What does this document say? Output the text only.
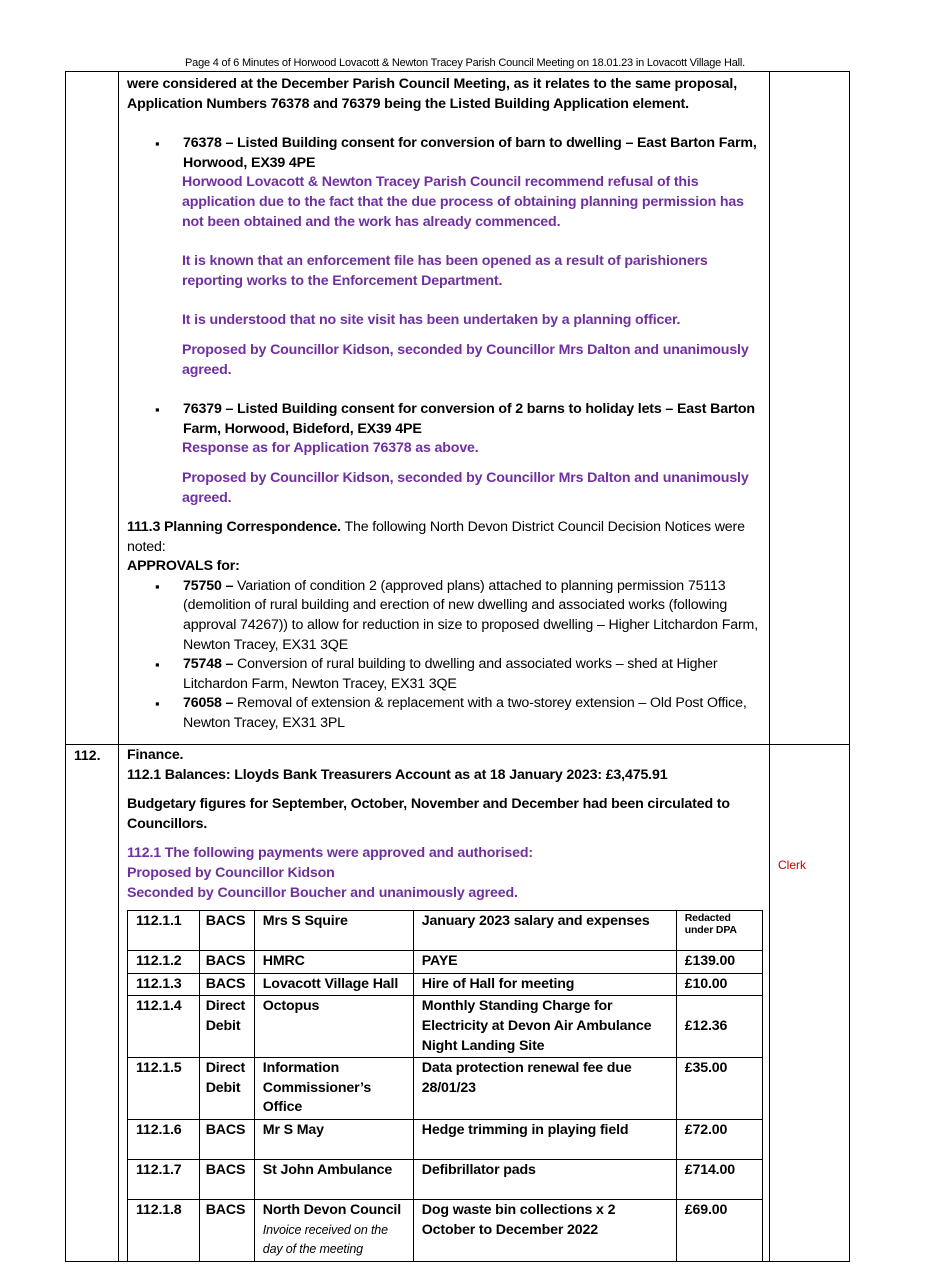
Page 4 of 6 Minutes of Horwood Lovacott & Newton Tracey Parish Council Meeting on 18.01.23 in Lovacott Village Hall.

were considered at the December Parish Council Meeting, as it relates to the same proposal, Application Numbers 76378 and 76379 being the Listed Building Application element.

▪ 76378 – Listed Building consent for conversion of barn to dwelling – East Barton Farm, Horwood, EX39 4PE

Horwood Lovacott & Newton Tracey Parish Council recommend refusal of this application due to the fact that the due process of obtaining planning permission has not been obtained and the work has already commenced.

It is known that an enforcement file has been opened as a result of parishioners reporting works to the Enforcement Department.

It is understood that no site visit has been undertaken by a planning officer.

Proposed by Councillor Kidson, seconded by Councillor Mrs Dalton and unanimously agreed.

▪ 76379 – Listed Building consent for conversion of 2 barns to holiday lets – East Barton Farm, Horwood, Bideford, EX39 4PE

Response as for Application 76378 as above.

Proposed by Councillor Kidson, seconded by Councillor Mrs Dalton and unanimously agreed.

111.3 Planning Correspondence. The following North Devon District Council Decision Notices were noted:

APPROVALS for:

▪ 75750 – Variation of condition 2 (approved plans) attached to planning permission 75113 (demolition of rural building and erection of new dwelling and associated works (following approval 74267)) to allow for reduction in size to proposed dwelling – Higher Litchardon Farm, Newton Tracey, EX31 3QE

▪ 75748 – Conversion of rural building to dwelling and associated works – shed at Higher Litchardon Farm, Newton Tracey, EX31 3QE

▪ 76058 – Removal of extension & replacement with a two-storey extension – Old Post Office, Newton Tracey, EX31 3PL

112.
Clerk

Finance.

112.1 Balances: Lloyds Bank Treasurers Account as at 18 January 2023: £3,475.91

Budgetary figures for September, October, November and December had been circulated to Councillors.

112.1 The following payments were approved and authorised:

Proposed by Councillor Kidson

Seconded by Councillor Boucher and unanimously agreed.

112.1.1	BACS	Mrs S Squire	January 2023 salary and expenses	Redacted under DPA
112.1.2	BACS	HMRC	PAYE	£139.00
112.1.3	BACS	Lovacott Village Hall	Hire of Hall for meeting	£10.00
112.1.4	Direct Debit	Octopus	Monthly Standing Charge for Electricity at Devon Air Ambulance Night Landing Site	£12.36
112.1.5	Direct Debit	Information Commissioner’s Office	Data protection renewal fee due 28/01/23	£35.00
112.1.6	BACS	Mr S May	Hedge trimming in playing field	£72.00
112.1.7	BACS	St John Ambulance	Defibrillator pads	£714.00
112.1.8	BACS	North Devon Council
Invoice received on the day of the meeting	Dog waste bin collections x 2 October to December 2022	£69.00
